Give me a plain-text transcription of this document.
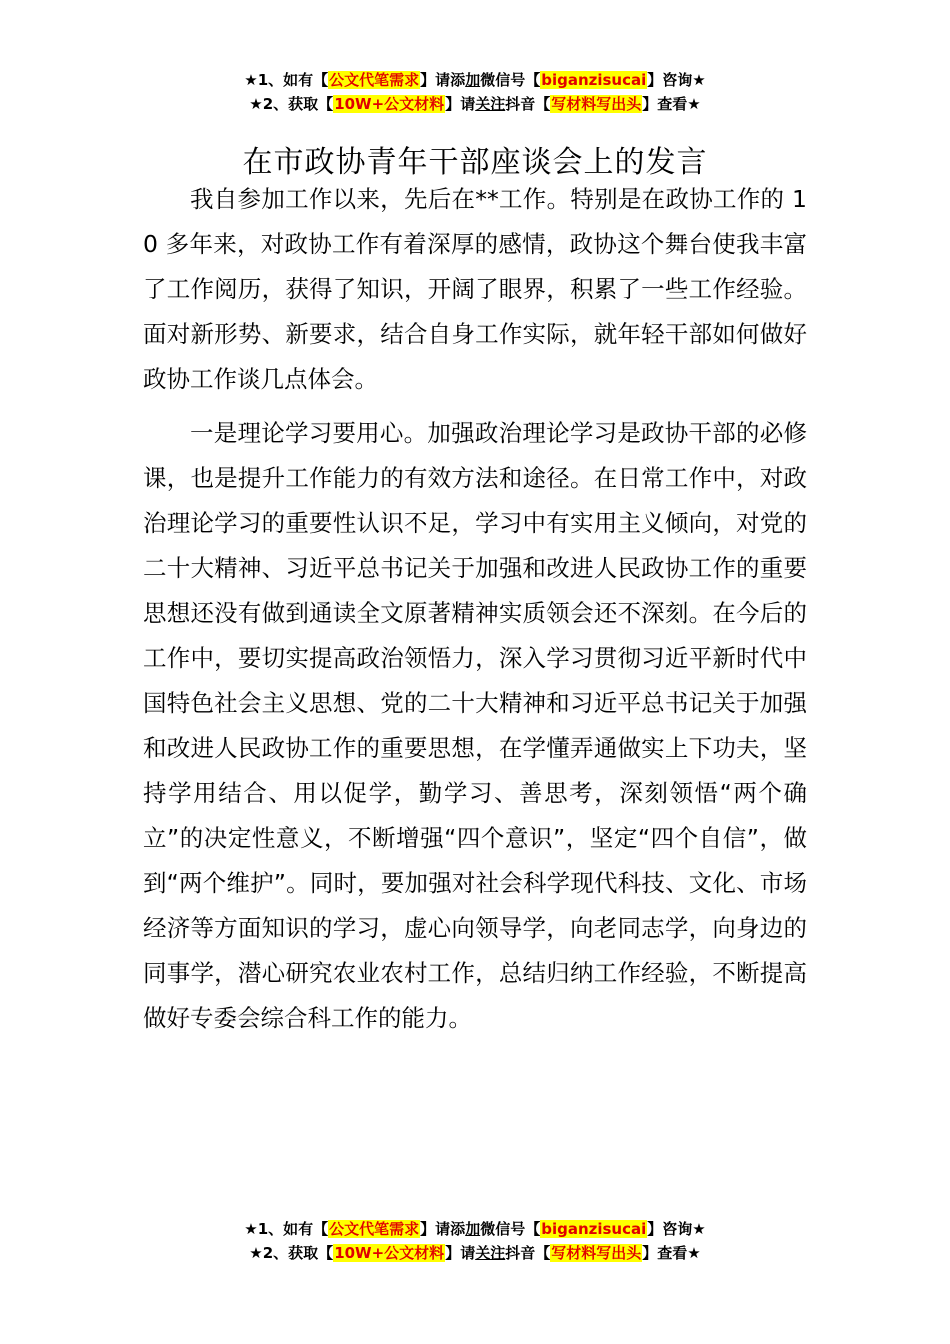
★1、如有【公文代笔需求】请添加微信号【biganzisucai】咨询★
★2、获取【10W+公文材料】请关注抖音【写材料写出头】查看★
在市政协青年干部座谈会上的发言

我自参加工作以来，先后在**工作。特别是在政协工作的 10 多年来，对政协工作有着深厚的感情，政协这个舞台使我丰富了工作阅历，获得了知识，开阔了眼界，积累了一些工作经验。面对新形势、新要求，结合自身工作实际，就年轻干部如何做好政协工作谈几点体会。

一是理论学习要用心。加强政治理论学习是政协干部的必修课，也是提升工作能力的有效方法和途径。在日常工作中，对政治理论学习的重要性认识不足，学习中有实用主义倾向，对党的二十大精神、习近平总书记关于加强和改进人民政协工作的重要思想还没有做到通读全文原著精神实质领会还不深刻。在今后的工作中，要切实提高政治领悟力，深入学习贯彻习近平新时代中国特色社会主义思想、党的二十大精神和习近平总书记关于加强和改进人民政协工作的重要思想，在学懂弄通做实上下功夫，坚持学用结合、用以促学，勤学习、善思考，深刻领悟“两个确立”的决定性意义，不断增强“四个意识”，坚定“四个自信”，做到“两个维护”。同时，要加强对社会科学现代科技、文化、市场经济等方面知识的学习，虚心向领导学，向老同志学，向身边的同事学，潜心研究农业农村工作，总结归纳工作经验，不断提高做好专委会综合科工作的能力。

★1、如有【公文代笔需求】请添加微信号【biganzisucai】咨询★
★2、获取【10W+公文材料】请关注抖音【写材料写出头】查看★
